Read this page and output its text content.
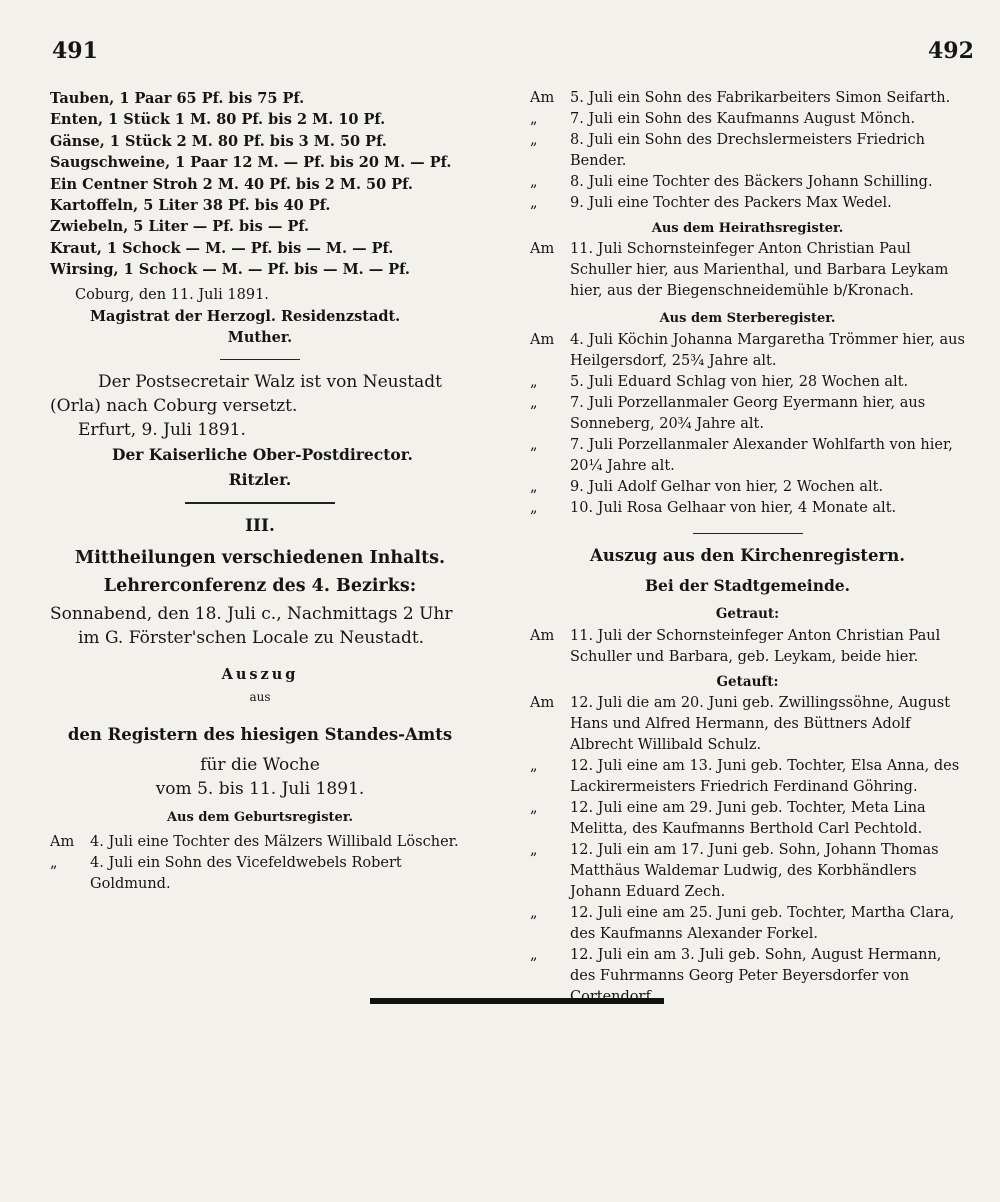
491	492
Tauben, 1 Paar 65 Pf. bis 75 Pf.
Enten, 1 Stück 1 M. 80 Pf. bis 2 M. 10 Pf.
Gänse, 1 Stück 2 M. 80 Pf. bis 3 M. 50 Pf.
Saugschweine, 1 Paar 12 M. — Pf. bis 20 M. — Pf.
Ein Centner Stroh 2 M. 40 Pf. bis 2 M. 50 Pf.
Kartoffeln, 5 Liter 38 Pf. bis 40 Pf.
Zwiebeln, 5 Liter — Pf. bis — Pf.
Kraut, 1 Schock — M. — Pf. bis — M. — Pf.
Wirsing, 1 Schock — M. — Pf. bis — M. — Pf.
Coburg, den 11. Juli 1891.
Magistrat der Herzogl. Residenzstadt.
Muther.
Der Postsecretair Walz ist von Neustadt
(Orla) nach Coburg versetzt.
Erfurt, 9. Juli 1891.
Der Kaiserliche Ober-Postdirector.
Ritzler.
III.
Mittheilungen verschiedenen Inhalts.
Lehrerconferenz des 4. Bezirks:
Sonnabend, den 18. Juli c., Nachmittags 2 Uhr
im G. Förster'schen Locale zu Neustadt.
Auszug
aus
den Registern des hiesigen Standes-Amts
für die Woche
vom 5. bis 11. Juli 1891.
Aus dem Geburtsregister.
Am	4. Juli eine Tochter des Mälzers Willibald Löscher.
„	4. Juli ein Sohn des Vicefeldwebels Robert Goldmund.
Am	5. Juli ein Sohn des Fabrikarbeiters Simon Seifarth.
„	7. Juli ein Sohn des Kaufmanns August Mönch.
„	8. Juli ein Sohn des Drechslermeisters Friedrich Bender.
„	8. Juli eine Tochter des Bäckers Johann Schilling.
„	9. Juli eine Tochter des Packers Max Wedel.
Aus dem Heirathsregister.
Am	11. Juli Schornsteinfeger Anton Christian Paul Schuller hier, aus Marienthal, und Barbara Leykam hier, aus der Biegenschneidemühle b/Kronach.
Aus dem Sterberegister.
Am	4. Juli Köchin Johanna Margaretha Trömmer hier, aus Heilgersdorf, 25¾ Jahre alt.
„	5. Juli Eduard Schlag von hier, 28 Wochen alt.
„	7. Juli Porzellanmaler Georg Eyermann hier, aus Sonneberg, 20¾ Jahre alt.
„	7. Juli Porzellanmaler Alexander Wohlfarth von hier, 20¼ Jahre alt.
„	9. Juli Adolf Gelhar von hier, 2 Wochen alt.
„	10. Juli Rosa Gelhaar von hier, 4 Monate alt.
Auszug aus den Kirchenregistern.
Bei der Stadtgemeinde.
Getraut:
Am	11. Juli der Schornsteinfeger Anton Christian Paul Schuller und Barbara, geb. Leykam, beide hier.
Getauft:
Am	12. Juli die am 20. Juni geb. Zwillingssöhne, August Hans und Alfred Hermann, des Büttners Adolf Albrecht Willibald Schulz.
„	12. Juli eine am 13. Juni geb. Tochter, Elsa Anna, des Lackirermeisters Friedrich Ferdinand Göhring.
„	12. Juli eine am 29. Juni geb. Tochter, Meta Lina Melitta, des Kaufmanns Berthold Carl Pechtold.
„	12. Juli ein am 17. Juni geb. Sohn, Johann Thomas Matthäus Waldemar Ludwig, des Korbhändlers Johann Eduard Zech.
„	12. Juli eine am 25. Juni geb. Tochter, Martha Clara, des Kaufmanns Alexander Forkel.
„	12. Juli ein am 3. Juli geb. Sohn, August Hermann, des Fuhrmanns Georg Peter Beyersdorfer von
